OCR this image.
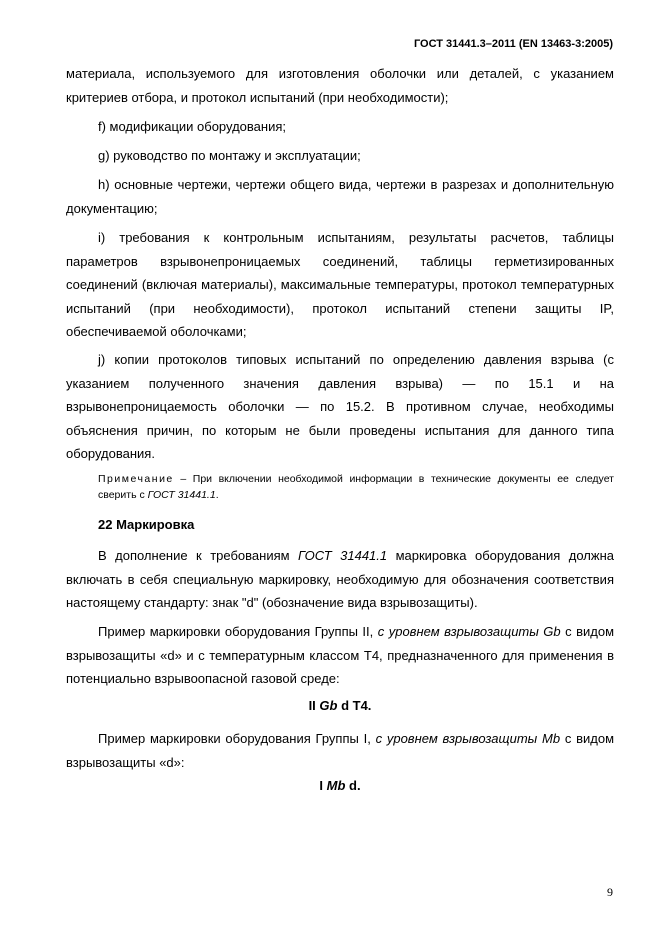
ГОСТ 31441.3–2011 (EN 13463-3:2005)
материала, используемого для изготовления оболочки или деталей, с указанием критериев отбора, и протокол испытаний (при необходимости);
f) модификации оборудования;
g) руководство по монтажу и эксплуатации;
h) основные чертежи, чертежи общего вида, чертежи в разрезах и дополнительную документацию;
i) требования к контрольным испытаниям, результаты расчетов, таблицы параметров взрывонепроницаемых соединений, таблицы герметизированных соединений (включая материалы), максимальные температуры, протокол температурных испытаний (при необходимости), протокол испытаний степени защиты IP, обеспечиваемой оболочками;
j) копии протоколов типовых испытаний по определению давления взрыва (с указанием полученного значения давления взрыва) — по 15.1 и на взрывонепроницаемость оболочки — по 15.2. В противном случае, необходимы объяснения причин, по которым не были проведены испытания для данного типа оборудования.
Примечание – При включении необходимой информации в технические документы ее следует сверить с ГОСТ 31441.1.
22 Маркировка
В дополнение к требованиям ГОСТ 31441.1 маркировка оборудования должна включать в себя специальную маркировку, необходимую для обозначения соответствия настоящему стандарту: знак "d" (обозначение вида взрывозащиты).
Пример маркировки оборудования Группы II, с уровнем взрывозащиты Gb с видом взрывозащиты «d» и с температурным классом Т4, предназначенного для применения в потенциально взрывоопасной газовой среде:
II Gb d T4.
Пример маркировки оборудования Группы I, с уровнем взрывозащиты Mb с видом взрывозащиты «d»:
I Mb d.
9
